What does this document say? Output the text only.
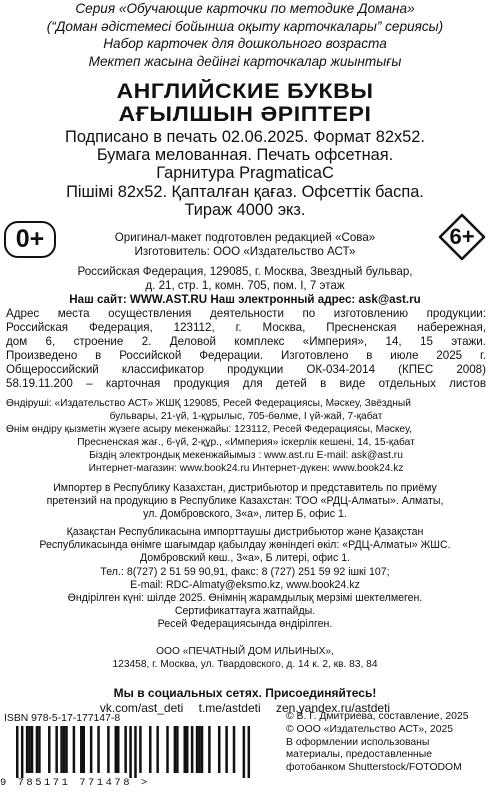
Серия «Обучающие карточки по методике Домана»
(“Доман әдістемесі бойынша оқыту карточкалары” сериясы)
Набор карточек для дошкольного возраста
Мектеп жасына дейінгі карточкалар жиынтығы
АНГЛИЙСКИЕ БУКВЫ
АҒЫЛШЫН ӘРІПТЕРІ
Подписано в печать 02.06.2025. Формат 82х52.
Бумага мелованная. Печать офсетная.
Гарнитура PragmaticaC
Пішімі 82х52. Қапталған қағаз. Офсеттік баспа.
Тираж 4000 экз.
0+	6+
Оригинал-макет подготовлен редакцией «Сова»
Изготовитель: ООО «Издательство АСТ»
Российская Федерация, 129085, г. Москва, Звездный бульвар,
д. 21, стр. 1, комн. 705, пом. I, 7 этаж
Наш сайт: WWW.AST.RU Наш электронный адрес: ask@ast.ru
Адрес места осуществления деятельности по изготовлению продукции:
Российская Федерация, 123112, г. Москва, Пресненская набережная,
дом 6, строение 2. Деловой комплекс «Империя», 14, 15 этажи.
Произведено в Российской Федерации. Изготовлено в июле 2025 г.
Общероссийский классификатор продукции ОК-034-2014 (КПЕС 2008)
58.19.11.200 – карточная продукция для детей в виде отдельных листов
Өндіруші: «Издательство АСТ» ЖШҚ 129085, Ресей Федерациясы, Мәскеу, Звёздный
бульвары, 21-үй, 1-құрылыс, 705-бөлме, I үй-жай, 7-қабат
Өнім өндіру қызметін жүзеге асыру мекенжайы: 123112, Ресей Федерациясы, Мәскеу,
Пресненская жағ., 6-үй, 2-құр., «Империя» іскерлік кешені, 14, 15-қабат
Біздің электрондық мекенжайымыз : www.ast.ru E-mail: ask@ast.ru
Интернет-магазин: www.book24.ru Интернет-дүкен: www.book24.kz
Импортер в Республику Казахстан, дистрибьютор и представитель по приёму
претензий на продукцию в Республике Казахстан: ТОО «РДЦ-Алматы». Алматы,
ул. Домбровского, 3«а», литер Б, офис 1.
Қазақстан Республикасына импорттаушы дистрибьютор және Қазақстан
Республикасында өнімге шағымдар қабылдау жөніндегі өкіл: «РДЦ-Алматы» ЖШС.
Домбровский көш., 3«а», Б литері, офис 1.
Тел.: 8(727) 2 51 59 90,91, факс: 8 (727) 251 59 92 ішкі 107;
E-mail: RDC-Almaty@eksmo.kz, www.book24.kz
Өндірілген күні: шілде 2025. Өнімнің жарамдылық мерзімі шектелмеген.
Сертификаттауға жатпайды.
Ресей Федерациясында өндірілген.
ООО «ПЕЧАТНЫЙ ДОМ ИЛЬИНЫХ»,
123458, г. Москва, ул. Твардовского, д. 14 к. 2, кв. 83, 84
Мы в социальных сетях. Присоединяйтесь!
vk.com/ast_deti t.me/astdeti zen.yandex.ru/astdeti
ISBN 978-5-17-177147-8
9 785171 771478 >
© В. Г. Дмитриева, составление, 2025
© ООО «Издательство АСТ», 2025
В оформлении использованы
материалы, предоставленные
фотобанком Shutterstock/FOTODOM
